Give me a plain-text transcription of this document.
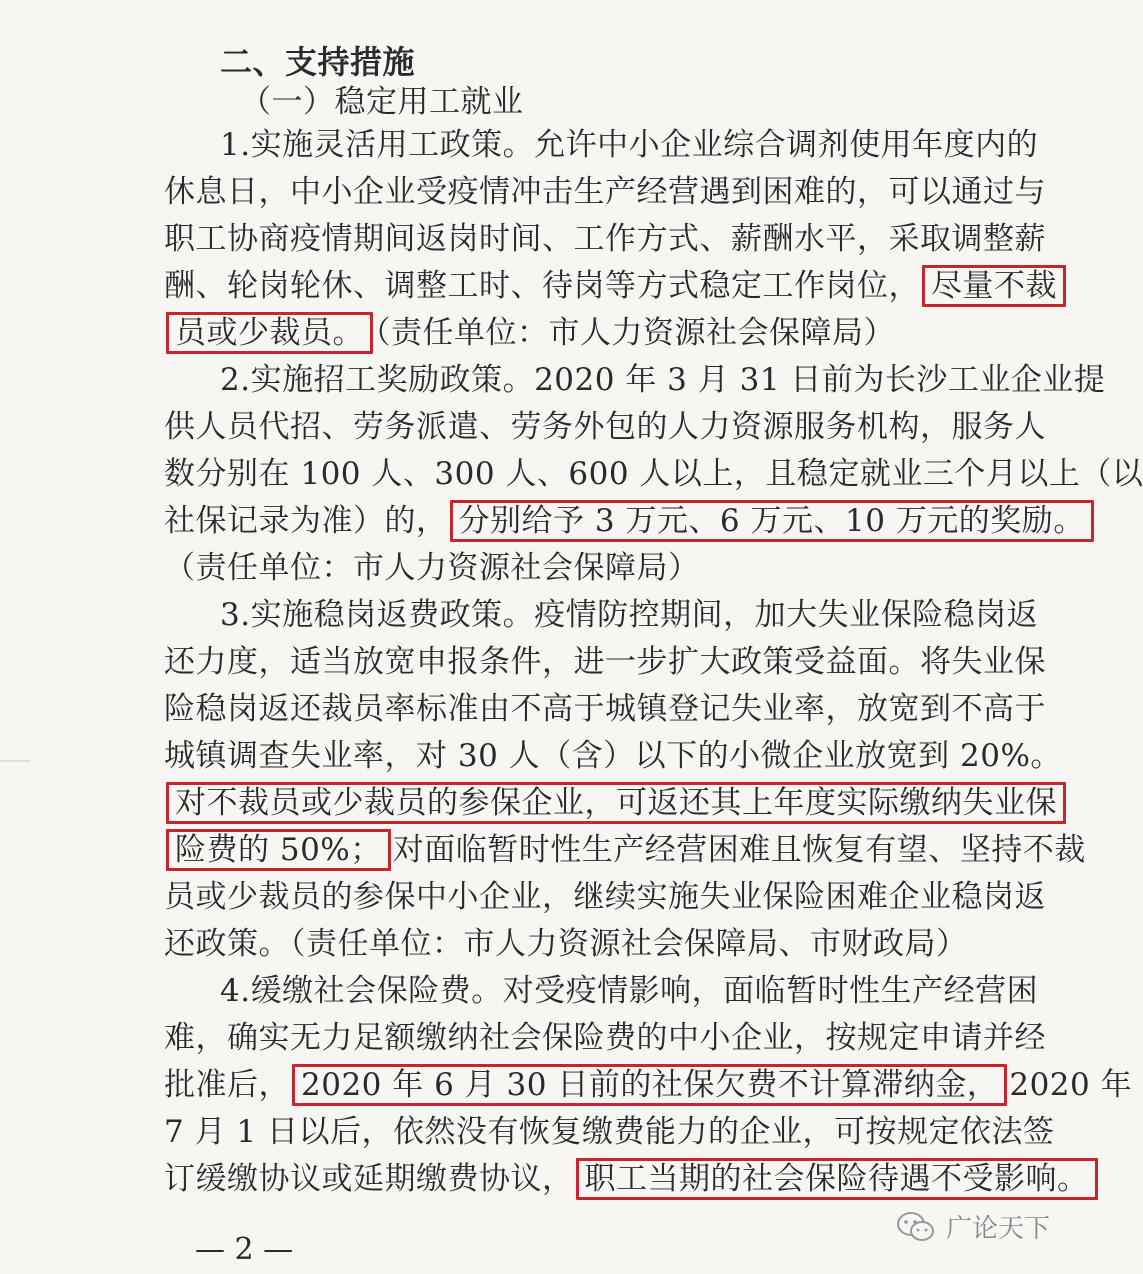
二、支持措施
（一）稳定用工就业
1.实施灵活用工政策。允许中小企业综合调剂使用年度内的
休息日，中小企业受疫情冲击生产经营遇到困难的，可以通过与
职工协商疫情期间返岗时间、工作方式、薪酬水平，采取调整薪
酬、轮岗轮休、调整工时、待岗等方式稳定工作岗位， 尽量不裁
员或少裁员。 （责任单位：市人力资源社会保障局）
2.实施招工奖励政策。2020 年 3 月 31 日前为长沙工业企业提
供人员代招、劳务派遣、劳务外包的人力资源服务机构，服务人
数分别在 100 人、300 人、600 人以上，且稳定就业三个月以上（以
社保记录为准）的， 分别给予 3 万元、6 万元、10 万元的奖励。
（责任单位：市人力资源社会保障局）
3.实施稳岗返费政策。疫情防控期间，加大失业保险稳岗返
还力度，适当放宽申报条件，进一步扩大政策受益面。将失业保
险稳岗返还裁员率标准由不高于城镇登记失业率，放宽到不高于
城镇调查失业率，对 30 人（含）以下的小微企业放宽到 20%。
对不裁员或少裁员的参保企业，可返还其上年度实际缴纳失业保
险费的 50%； 对面临暂时性生产经营困难且恢复有望、坚持不裁
员或少裁员的参保中小企业，继续实施失业保险困难企业稳岗返
还政策。（责任单位：市人力资源社会保障局、市财政局）
4.缓缴社会保险费。对受疫情影响，面临暂时性生产经营困
难，确实无力足额缴纳社会保险费的中小企业，按规定申请并经
批准后， 2020 年 6 月 30 日前的社保欠费不计算滞纳金， 2020 年
7 月 1 日以后，依然没有恢复缴费能力的企业，可按规定依法签
订缓缴协议或延期缴费协议， 职工当期的社会保险待遇不受影响。
— 2 —
广论天下
